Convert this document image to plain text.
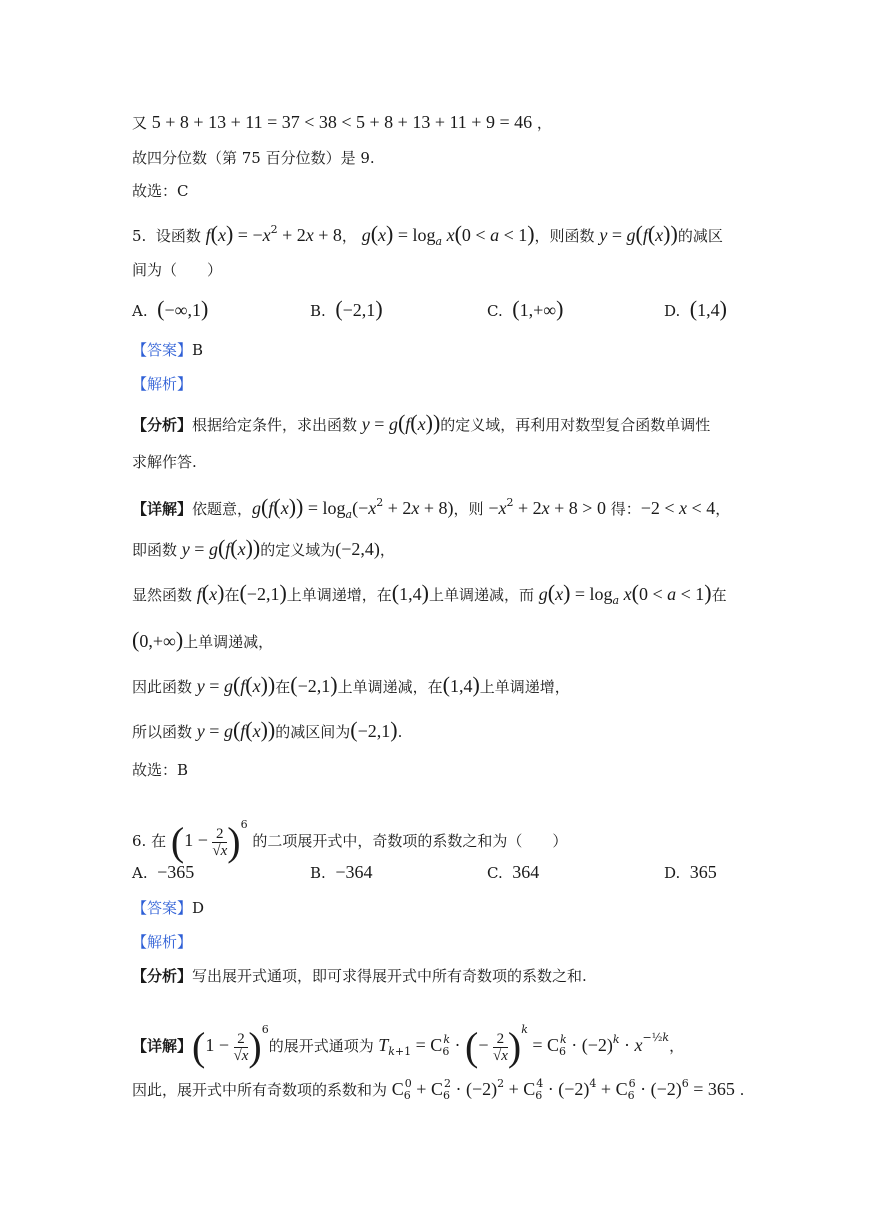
又 5 + 8 + 13 + 11 = 37 < 38 < 5 + 8 + 13 + 11 + 9 = 46 ，
故四分位数（第 75 百分位数）是 9.
故选：C
5.  设函数 $f(x) = -x^2 + 2x + 8$， $g(x) = \log_a x(0 < a < 1)$，则函数 y = g(f(x))的减区
间为（　　）
A.  (−∞,1)	B.  (−2,1)	C.  (1,+∞)	D.  (1,4)
【答案】B
【解析】
【分析】根据给定条件，求出函数 y = g(f(x))的定义域，再利用对数型复合函数单调性
求解作答.
【详解】依题意，$g(f(x)) = \log_a(-x^2 + 2x + 8)$，则 $-x^2 + 2x + 8 > 0$ 得：−2 < x < 4，
即函数 y = g(f(x))的定义域为(−2,4)，
显然函数 f(x)在(−2,1)上单调递增，在(1,4)上单调递减，而 $g(x) = \log_a x(0 < a < 1)$在
(0,+∞)上单调递减，
因此函数 y = g(f(x))在(−2,1)上单调递减，在(1,4)上单调递增，
所以函数 y = g(f(x))的减区间为(−2,1).
故选：B
6. 在 $(1 - \frac{2}{√x} )^6$ 的二项展开式中，奇数项的系数之和为（　　）
A.  −365	B.  −364	C.  364	D.  365
【答案】D
【解析】
【分析】写出展开式通项，即可求得展开式中所有奇数项的系数之和.
【详解】$(1 - \frac{2}{√x} )^6$的展开式通项为 $T_{k+1} = C_6^k$ · (− $\frac{2}{√x} )^k = C_6^k \cdot (-2)^k \cdot x^{-\frac{1}{2}k}$，
因此，展开式中所有奇数项的系数和为 $C_6^0 + C_6^2 \cdot (-2)^2 + C_6^4 \cdot (-2)^4 + C_6^6 \cdot (-2)^6 = 365$ .
